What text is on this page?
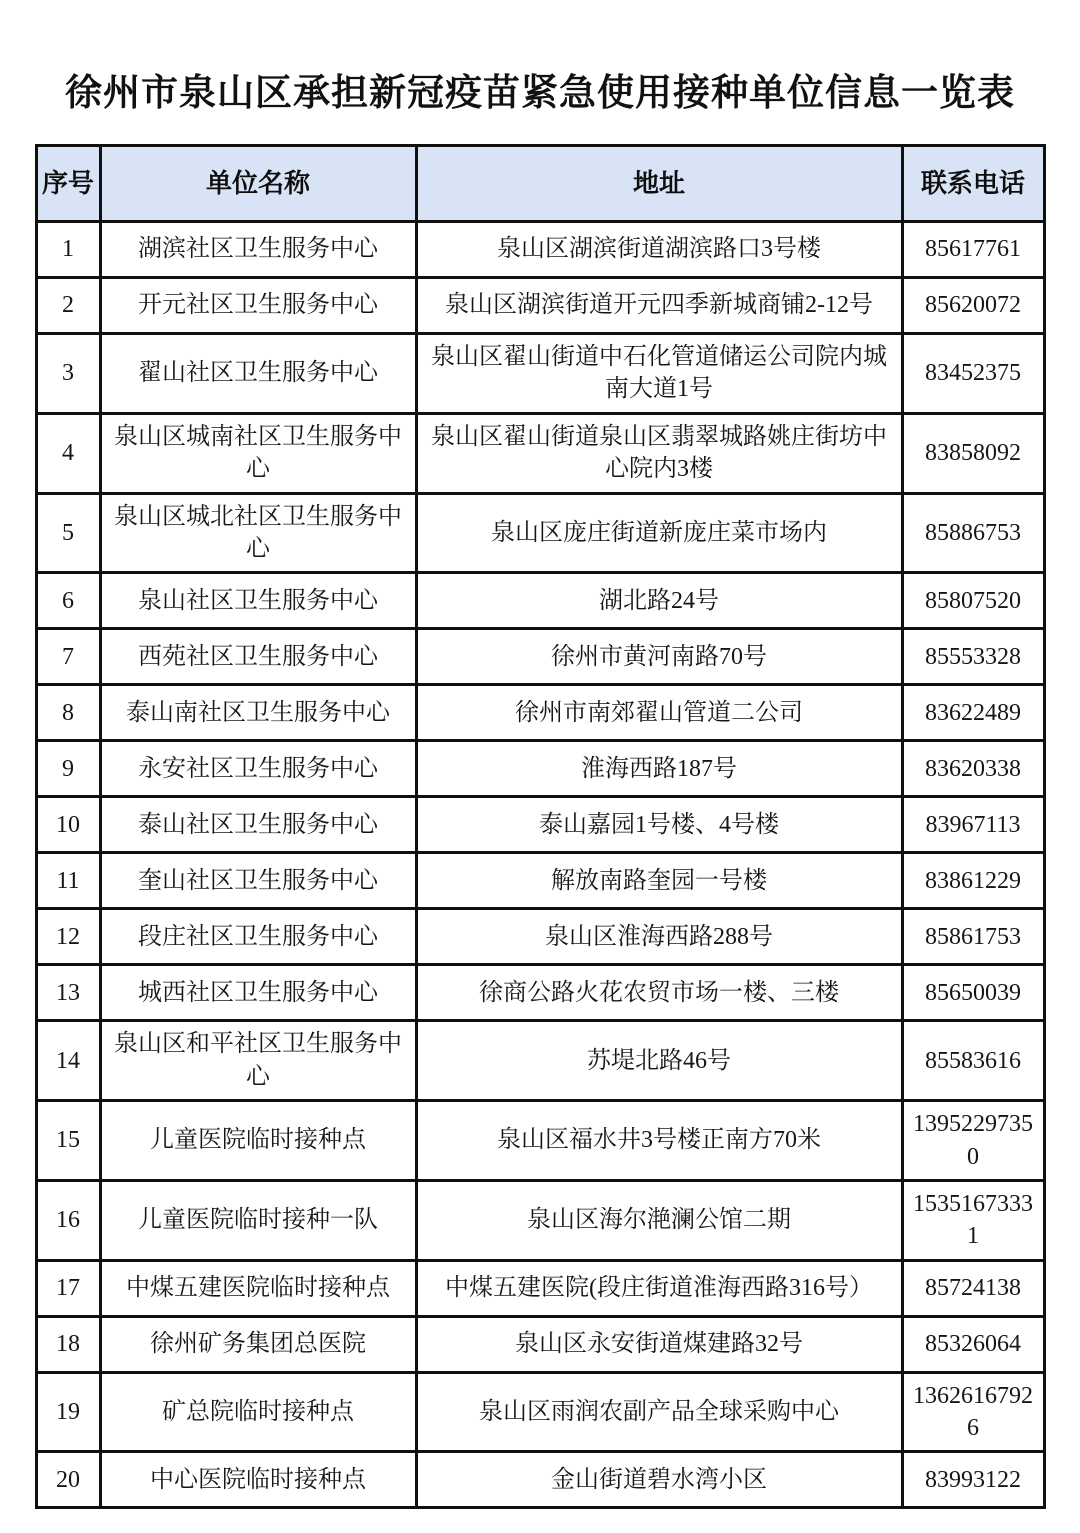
徐州市泉山区承担新冠疫苗紧急使用接种单位信息一览表
序号	单位名称	地址	联系电话
1	湖滨社区卫生服务中心	泉山区湖滨街道湖滨路口3号楼	85617761
2	开元社区卫生服务中心	泉山区湖滨街道开元四季新城商铺2-12号	85620072
3	翟山社区卫生服务中心	泉山区翟山街道中石化管道储运公司院内城南大道1号	83452375
4	泉山区城南社区卫生服务中心	泉山区翟山街道泉山区翡翠城路姚庄街坊中心院内3楼	83858092
5	泉山区城北社区卫生服务中心	泉山区庞庄街道新庞庄菜市场内	85886753
6	泉山社区卫生服务中心	湖北路24号	85807520
7	西苑社区卫生服务中心	徐州市黄河南路70号	85553328
8	泰山南社区卫生服务中心	徐州市南郊翟山管道二公司	83622489
9	永安社区卫生服务中心	淮海西路187号	83620338
10	泰山社区卫生服务中心	泰山嘉园1号楼、4号楼	83967113
11	奎山社区卫生服务中心	解放南路奎园一号楼	83861229
12	段庄社区卫生服务中心	泉山区淮海西路288号	85861753
13	城西社区卫生服务中心	徐商公路火花农贸市场一楼、三楼	85650039
14	泉山区和平社区卫生服务中心	苏堤北路46号	85583616
15	儿童医院临时接种点	泉山区福水井3号楼正南方70米	13952297350
16	儿童医院临时接种一队	泉山区海尔滟澜公馆二期	15351673331
17	中煤五建医院临时接种点	中煤五建医院(段庄街道淮海西路316号）	85724138
18	徐州矿务集团总医院	泉山区永安街道煤建路32号	85326064
19	矿总院临时接种点	泉山区雨润农副产品全球采购中心	13626167926
20	中心医院临时接种点	金山街道碧水湾小区	83993122
